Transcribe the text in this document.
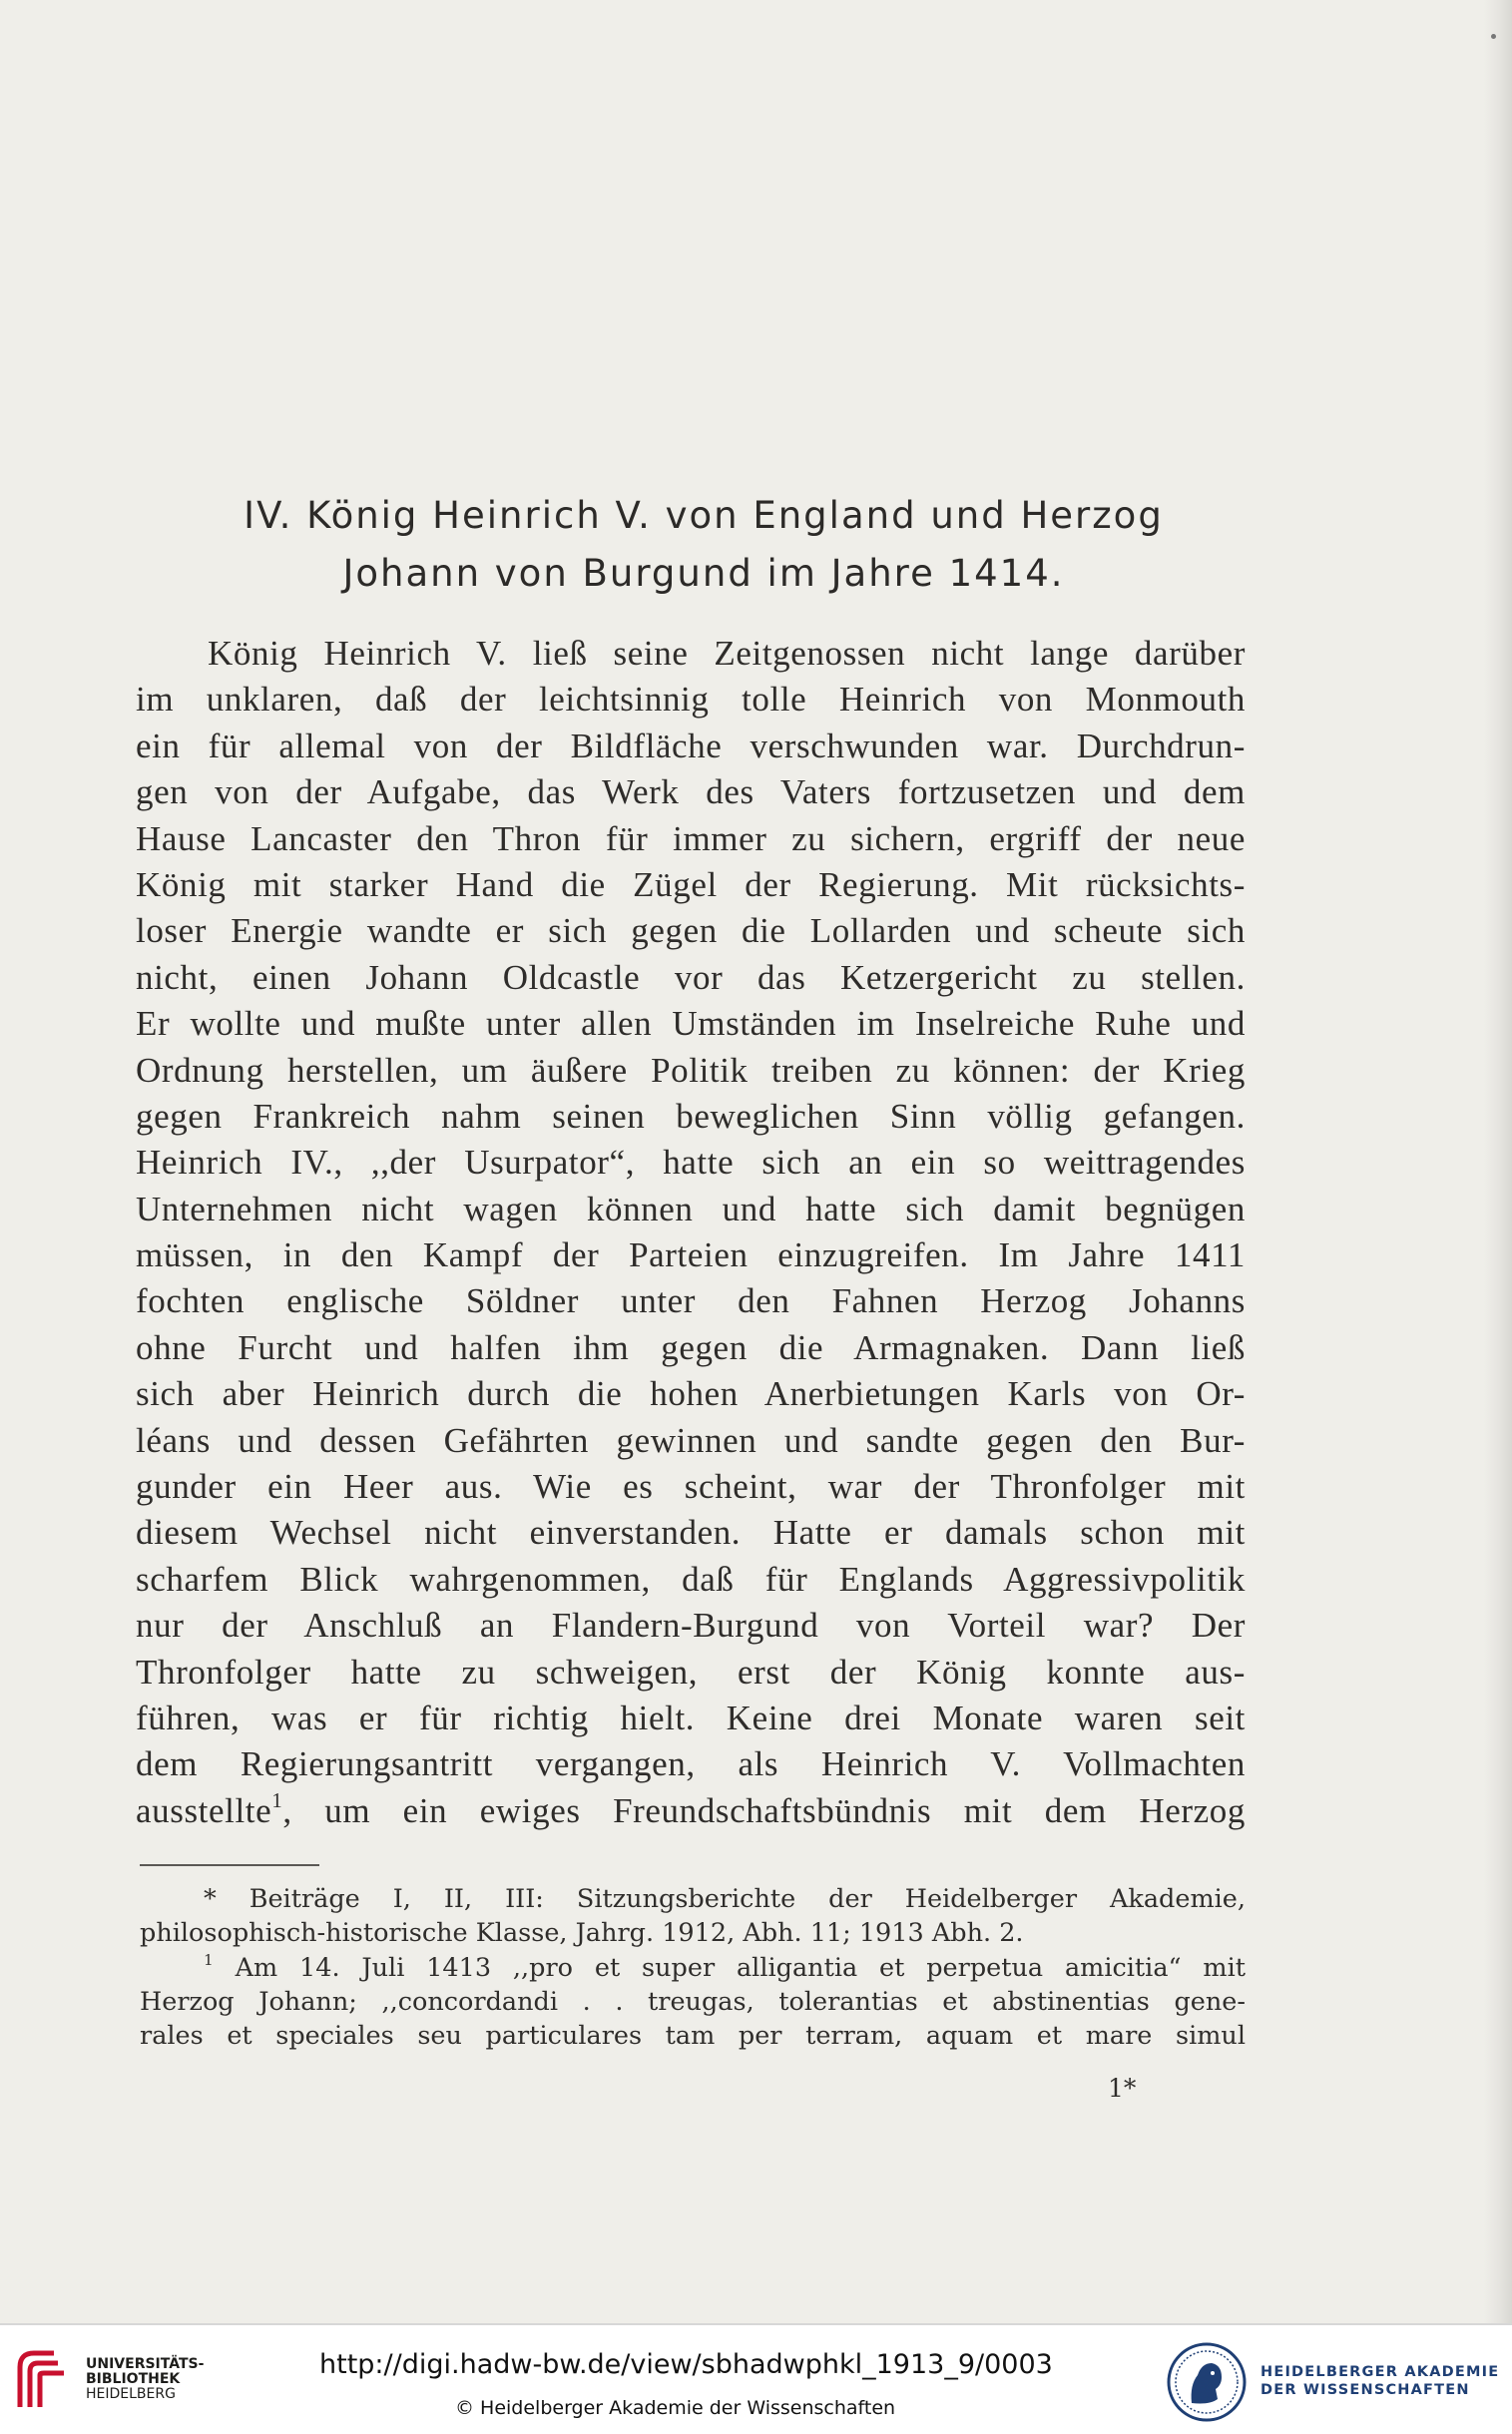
IV. König Heinrich V. von England und Herzog
Johann von Burgund im Jahre 1414.
König Heinrich V. ließ seine Zeitgenossen nicht lange darüber
im unklaren, daß der leichtsinnig tolle Heinrich von Monmouth
ein für allemal von der Bildfläche verschwunden war. Durchdrun-
gen von der Aufgabe, das Werk des Vaters fortzusetzen und dem
Hause Lancaster den Thron für immer zu sichern, ergriff der neue
König mit starker Hand die Zügel der Regierung. Mit rücksichts-
loser Energie wandte er sich gegen die Lollarden und scheute sich
nicht, einen Johann Oldcastle vor das Ketzergericht zu stellen.
Er wollte und mußte unter allen Umständen im Inselreiche Ruhe und
Ordnung herstellen, um äußere Politik treiben zu können: der Krieg
gegen Frankreich nahm seinen beweglichen Sinn völlig gefangen.
Heinrich IV., ,,der Usurpator“, hatte sich an ein so weittragendes
Unternehmen nicht wagen können und hatte sich damit begnügen
müssen, in den Kampf der Parteien einzugreifen. Im Jahre 1411
fochten englische Söldner unter den Fahnen Herzog Johanns
ohne Furcht und halfen ihm gegen die Armagnaken. Dann ließ
sich aber Heinrich durch die hohen Anerbietungen Karls von Or-
léans und dessen Gefährten gewinnen und sandte gegen den Bur-
gunder ein Heer aus. Wie es scheint, war der Thronfolger mit
diesem Wechsel nicht einverstanden. Hatte er damals schon mit
scharfem Blick wahrgenommen, daß für Englands Aggressivpolitik
nur der Anschluß an Flandern-Burgund von Vorteil war? Der
Thronfolger hatte zu schweigen, erst der König konnte aus-
führen, was er für richtig hielt. Keine drei Monate waren seit
dem Regierungsantritt vergangen, als Heinrich V. Vollmachten
ausstellte$^1$, um ein ewiges Freundschaftsbündnis mit dem Herzog
* Beiträge I, II, III: Sitzungsberichte der Heidelberger Akademie,
philosophisch-historische Klasse, Jahrg. 1912, Abh. 11; 1913 Abh. 2.
$^1$ Am 14. Juli 1413 ,,pro et super alligantia et perpetua amicitia“ mit
Herzog Johann; ,,concordandi . . treugas, tolerantias et abstinentias gene-
rales et speciales seu particulares tam per terram, aquam et mare simul
1*
UNIVERSITÄTS-
BIBLIOTHEK
HEIDELBERG
http://digi.hadw-bw.de/view/sbhadwphkl_1913_9/0003
© Heidelberger Akademie der Wissenschaften
HEIDELBERGER AKADEMIE
DER WISSENSCHAFTEN
